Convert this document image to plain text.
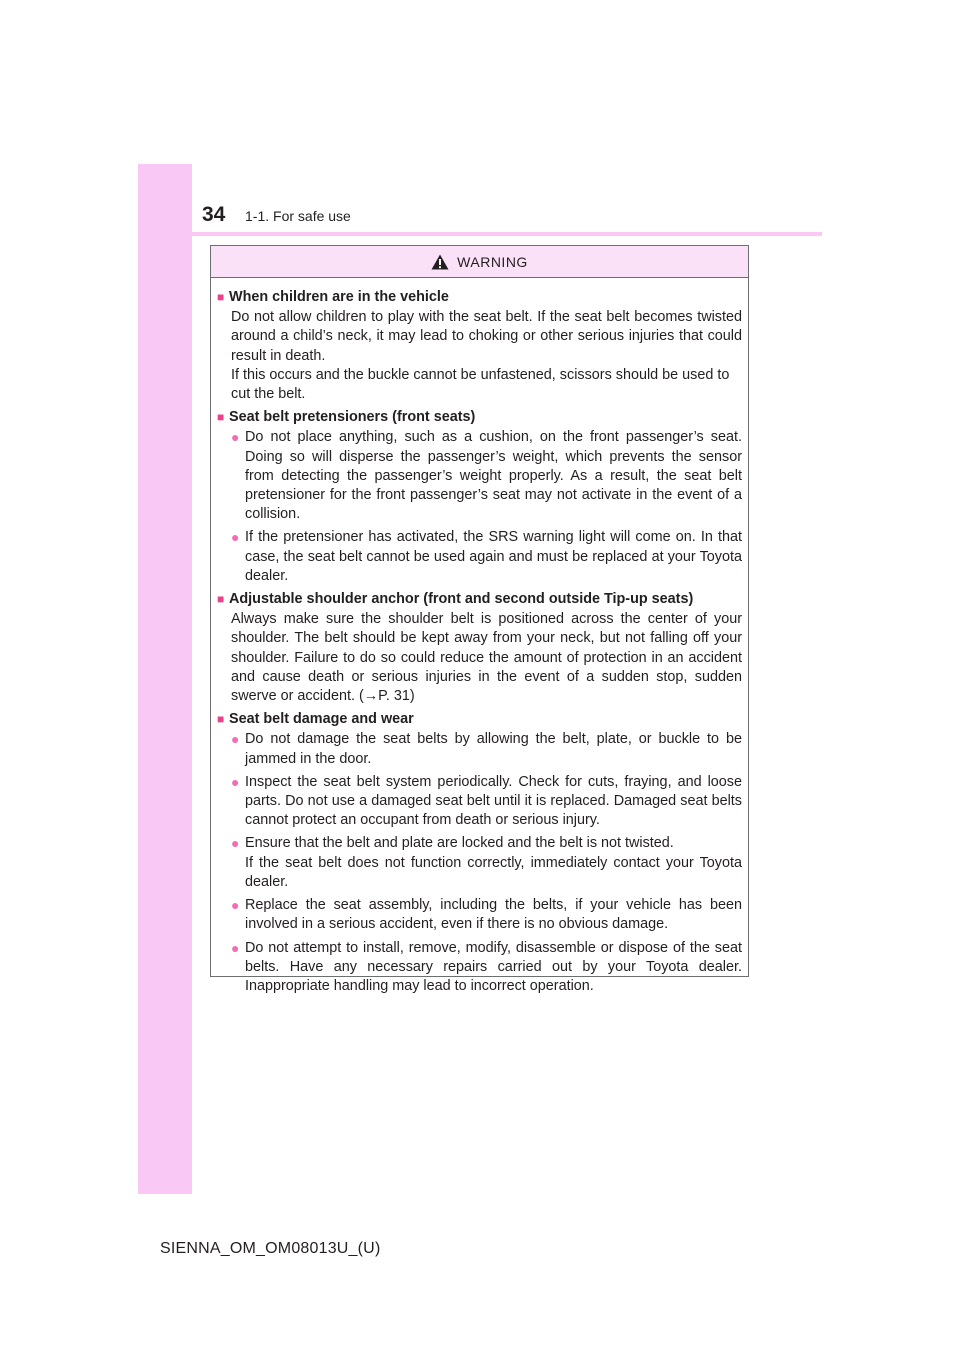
34 1-1. For safe use
WARNING
■ When children are in the vehicle

Do not allow children to play with the seat belt. If the seat belt becomes twisted around a child’s neck, it may lead to choking or other serious injuries that could result in death.

If this occurs and the buckle cannot be unfastened, scissors should be used to cut the belt.

■ Seat belt pretensioners (front seats)
● Do not place anything, such as a cushion, on the front passenger’s seat. Doing so will disperse the passenger’s weight, which prevents the sensor from detecting the passenger’s weight properly. As a result, the seat belt pretensioner for the front passenger’s seat may not activate in the event of a collision.

● If the pretensioner has activated, the SRS warning light will come on. In that case, the seat belt cannot be used again and must be replaced at your Toyota dealer.

■ Adjustable shoulder anchor (front and second outside Tip-up seats)

Always make sure the shoulder belt is positioned across the center of your shoulder. The belt should be kept away from your neck, but not falling off your shoulder. Failure to do so could reduce the amount of protection in an accident and cause death or serious injuries in the event of a sudden stop, sudden swerve or accident. (→P. 31)

■ Seat belt damage and wear
● Do not damage the seat belts by allowing the belt, plate, or buckle to be jammed in the door.

● Inspect the seat belt system periodically. Check for cuts, fraying, and loose parts. Do not use a damaged seat belt until it is replaced. Damaged seat belts cannot protect an occupant from death or serious injury.

● Ensure that the belt and plate are locked and the belt is not twisted.

If the seat belt does not function correctly, immediately contact your Toyota dealer.

● Replace the seat assembly, including the belts, if your vehicle has been involved in a serious accident, even if there is no obvious damage.

● Do not attempt to install, remove, modify, disassemble or dispose of the seat belts. Have any necessary repairs carried out by your Toyota dealer. Inappropriate handling may lead to incorrect operation.

SIENNA_OM_OM08013U_(U)
